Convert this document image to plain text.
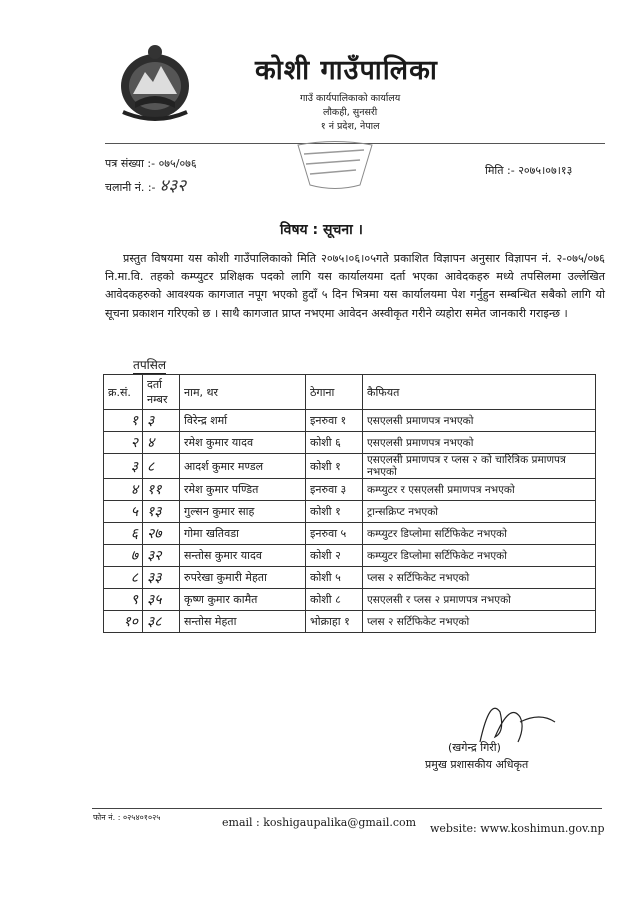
कोशी गाउँपालिका
गाउँ कार्यपालिकाको कार्यालय
लौकही, सुनसरी
१ नं प्रदेश, नेपाल
पत्र संख्या :- ०७५/०७६
चलानी नं. :- ४३२
मिति :- २०७५।०७।१३
विषय : सूचना ।
प्रस्तुत विषयमा यस कोशी गाउँपालिकाको मिति २०७५।०६।०५गते प्रकाशित विज्ञापन अनुसार विज्ञापन नं. २-०७५/०७६ नि.मा.वि. तहको कम्प्युटर प्रशिक्षक पदको लागि यस कार्यालयमा दर्ता भएका आवेदकहरु मध्ये तपसिलमा उल्लेखित आवेदकहरुको आवश्यक कागजात नपूग भएको हुदाँ ५ दिन भित्रमा यस कार्यालयमा पेश गर्नुहुन सम्बन्धित सबैको लागि यो सूचना प्रकाशन गरिएको छ । साथै कागजात प्राप्त नभएमा आवेदन अस्वीकृत गरीने व्यहोरा समेत जानकारी गराइन्छ ।
तपसिल
क्र.सं.	दर्ता नम्बर	नाम, थर	ठेगाना	कैफियत
१	३	विरेन्द्र शर्मा	इनरुवा १	एसएलसी प्रमाणपत्र नभएको
२	४	रमेश कुमार यादव	कोशी ६	एसएलसी प्रमाणपत्र नभएको
३	८	आदर्श कुमार मण्डल	कोशी १	एसएलसी प्रमाणपत्र र प्लस २ को चारित्रिक प्रमाणपत्र नभएको
४	११	रमेश कुमार पण्डित	इनरुवा ३	कम्प्युटर र एसएलसी प्रमाणपत्र नभएको
५	१३	गुल्सन कुमार साह	कोशी १	ट्रान्सक्रिप्ट नभएको
६	२७	गोमा खतिवडा	इनरुवा ५	कम्प्युटर डिप्लोमा सर्टिफिकेट नभएको
७	३२	सन्तोस कुमार यादव	कोशी २	कम्प्युटर डिप्लोमा सर्टिफिकेट नभएको
८	३३	रुपरेखा कुमारी मेहता	कोशी ५	प्लस २ सर्टिफिकेट नभएको
९	३५	कृष्ण कुमार कामैत	कोशी ८	एसएलसी र प्लस २ प्रमाणपत्र नभएको
१०	३८	सन्तोस मेहता	भोक्राहा १	प्लस २ सर्टिफिकेट नभएको
(खगेन्द्र गिरी)
प्रमुख प्रशासकीय अधिकृत
फोन नं. : ०२५४०१०२५	email : koshigaupalika@gmail.com website: www.koshimun.gov.np
